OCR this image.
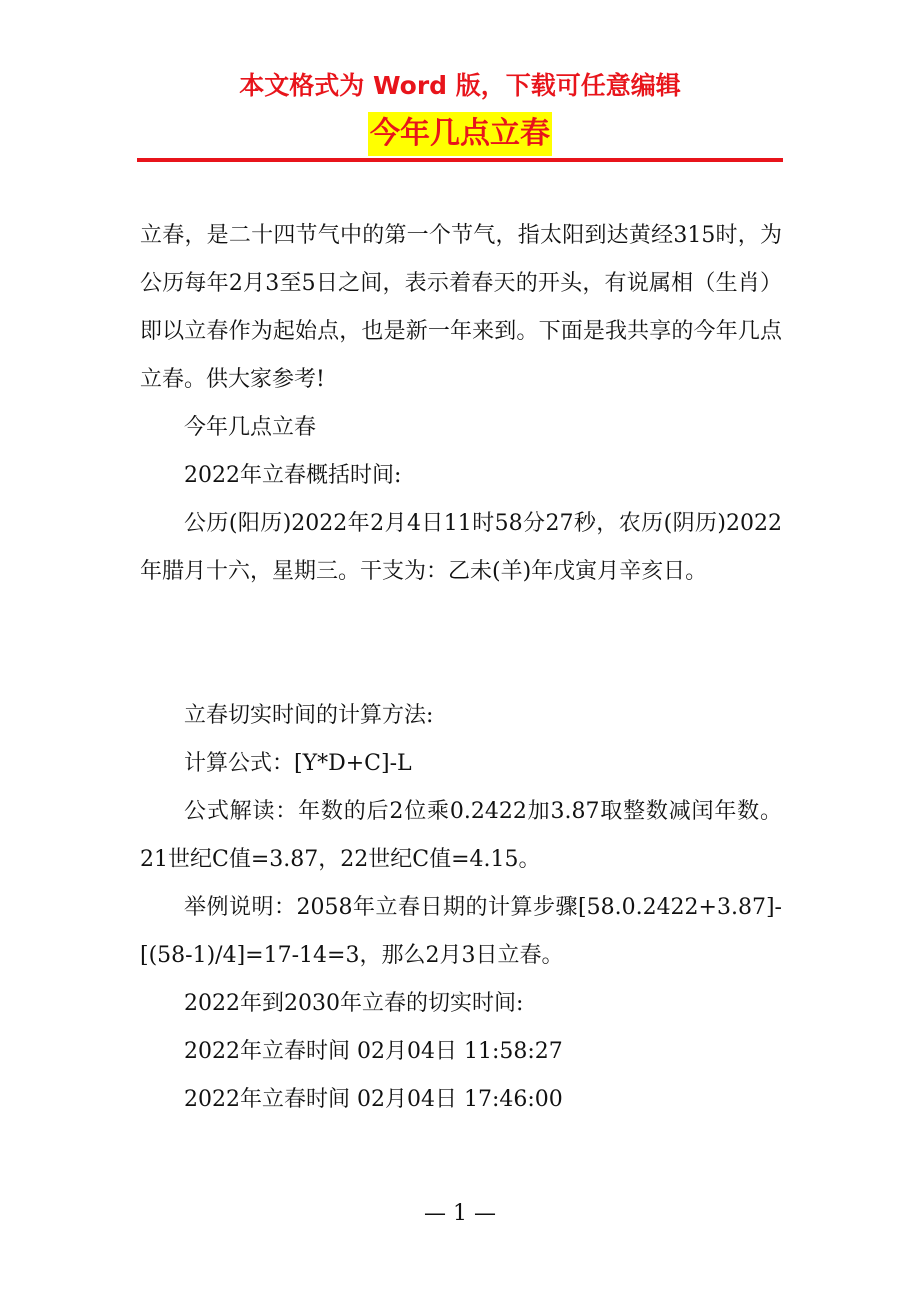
本文格式为 Word 版，下载可任意编辑
今年几点立春

立春，是二十四节气中的第一个节气，指太阳到达黄经315时，为公历每年2月3至5日之间，表示着春天的开头，有说属相（生肖）即以立春作为起始点，也是新一年来到。下面是我共享的今年几点立春。供大家参考!

今年几点立春

2022年立春概括时间:

公历(阳历)2022年2月4日11时58分27秒，农历(阴历)2022年腊月十六，星期三。干支为：乙未(羊)年戊寅月辛亥日。

立春切实时间的计算方法:

计算公式：[Y*D+C]-L

公式解读：年数的后2位乘0.2422加3.87取整数减闰年数。21世纪C值=3.87，22世纪C值=4.15。

举例说明：2058年立春日期的计算步骤[58.0.2422+3.87]-[(58-1)/4]=17-14=3，那么2月3日立春。

2022年到2030年立春的切实时间:

2022年立春时间 02月04日 11:58:27

2022年立春时间 02月04日 17:46:00

— 1 —
